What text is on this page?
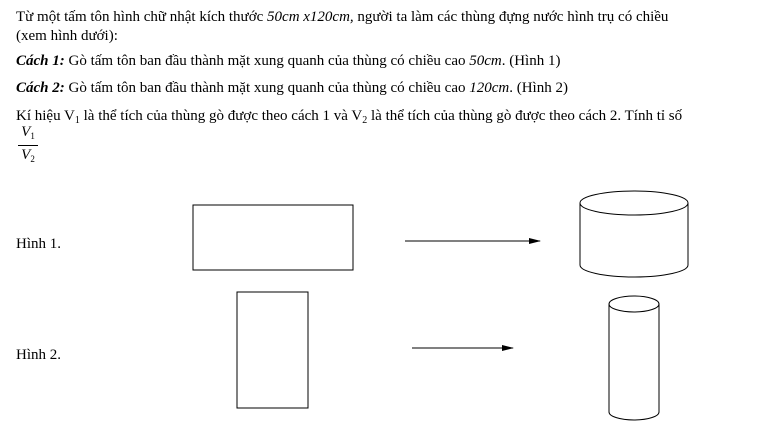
Từ một tấm tôn hình chữ nhật kích thước 50cm x120cm, người ta làm các thùng đựng nước hình trụ có chiều
(xem hình dưới):
Cách 1: Gò tấm tôn ban đầu thành mặt xung quanh của thùng có chiều cao 50cm. (Hình 1)
Cách 2: Gò tấm tôn ban đầu thành mặt xung quanh của thùng có chiều cao 120cm. (Hình 2)
Kí hiệu $V_1$ là thể tích của thùng gò được theo cách 1 và $V_2$ là thể tích của thùng gò được theo cách 2. Tính tỉ số
$\frac{V_1}{V_2}$
Hình 1.
Hình 2.
